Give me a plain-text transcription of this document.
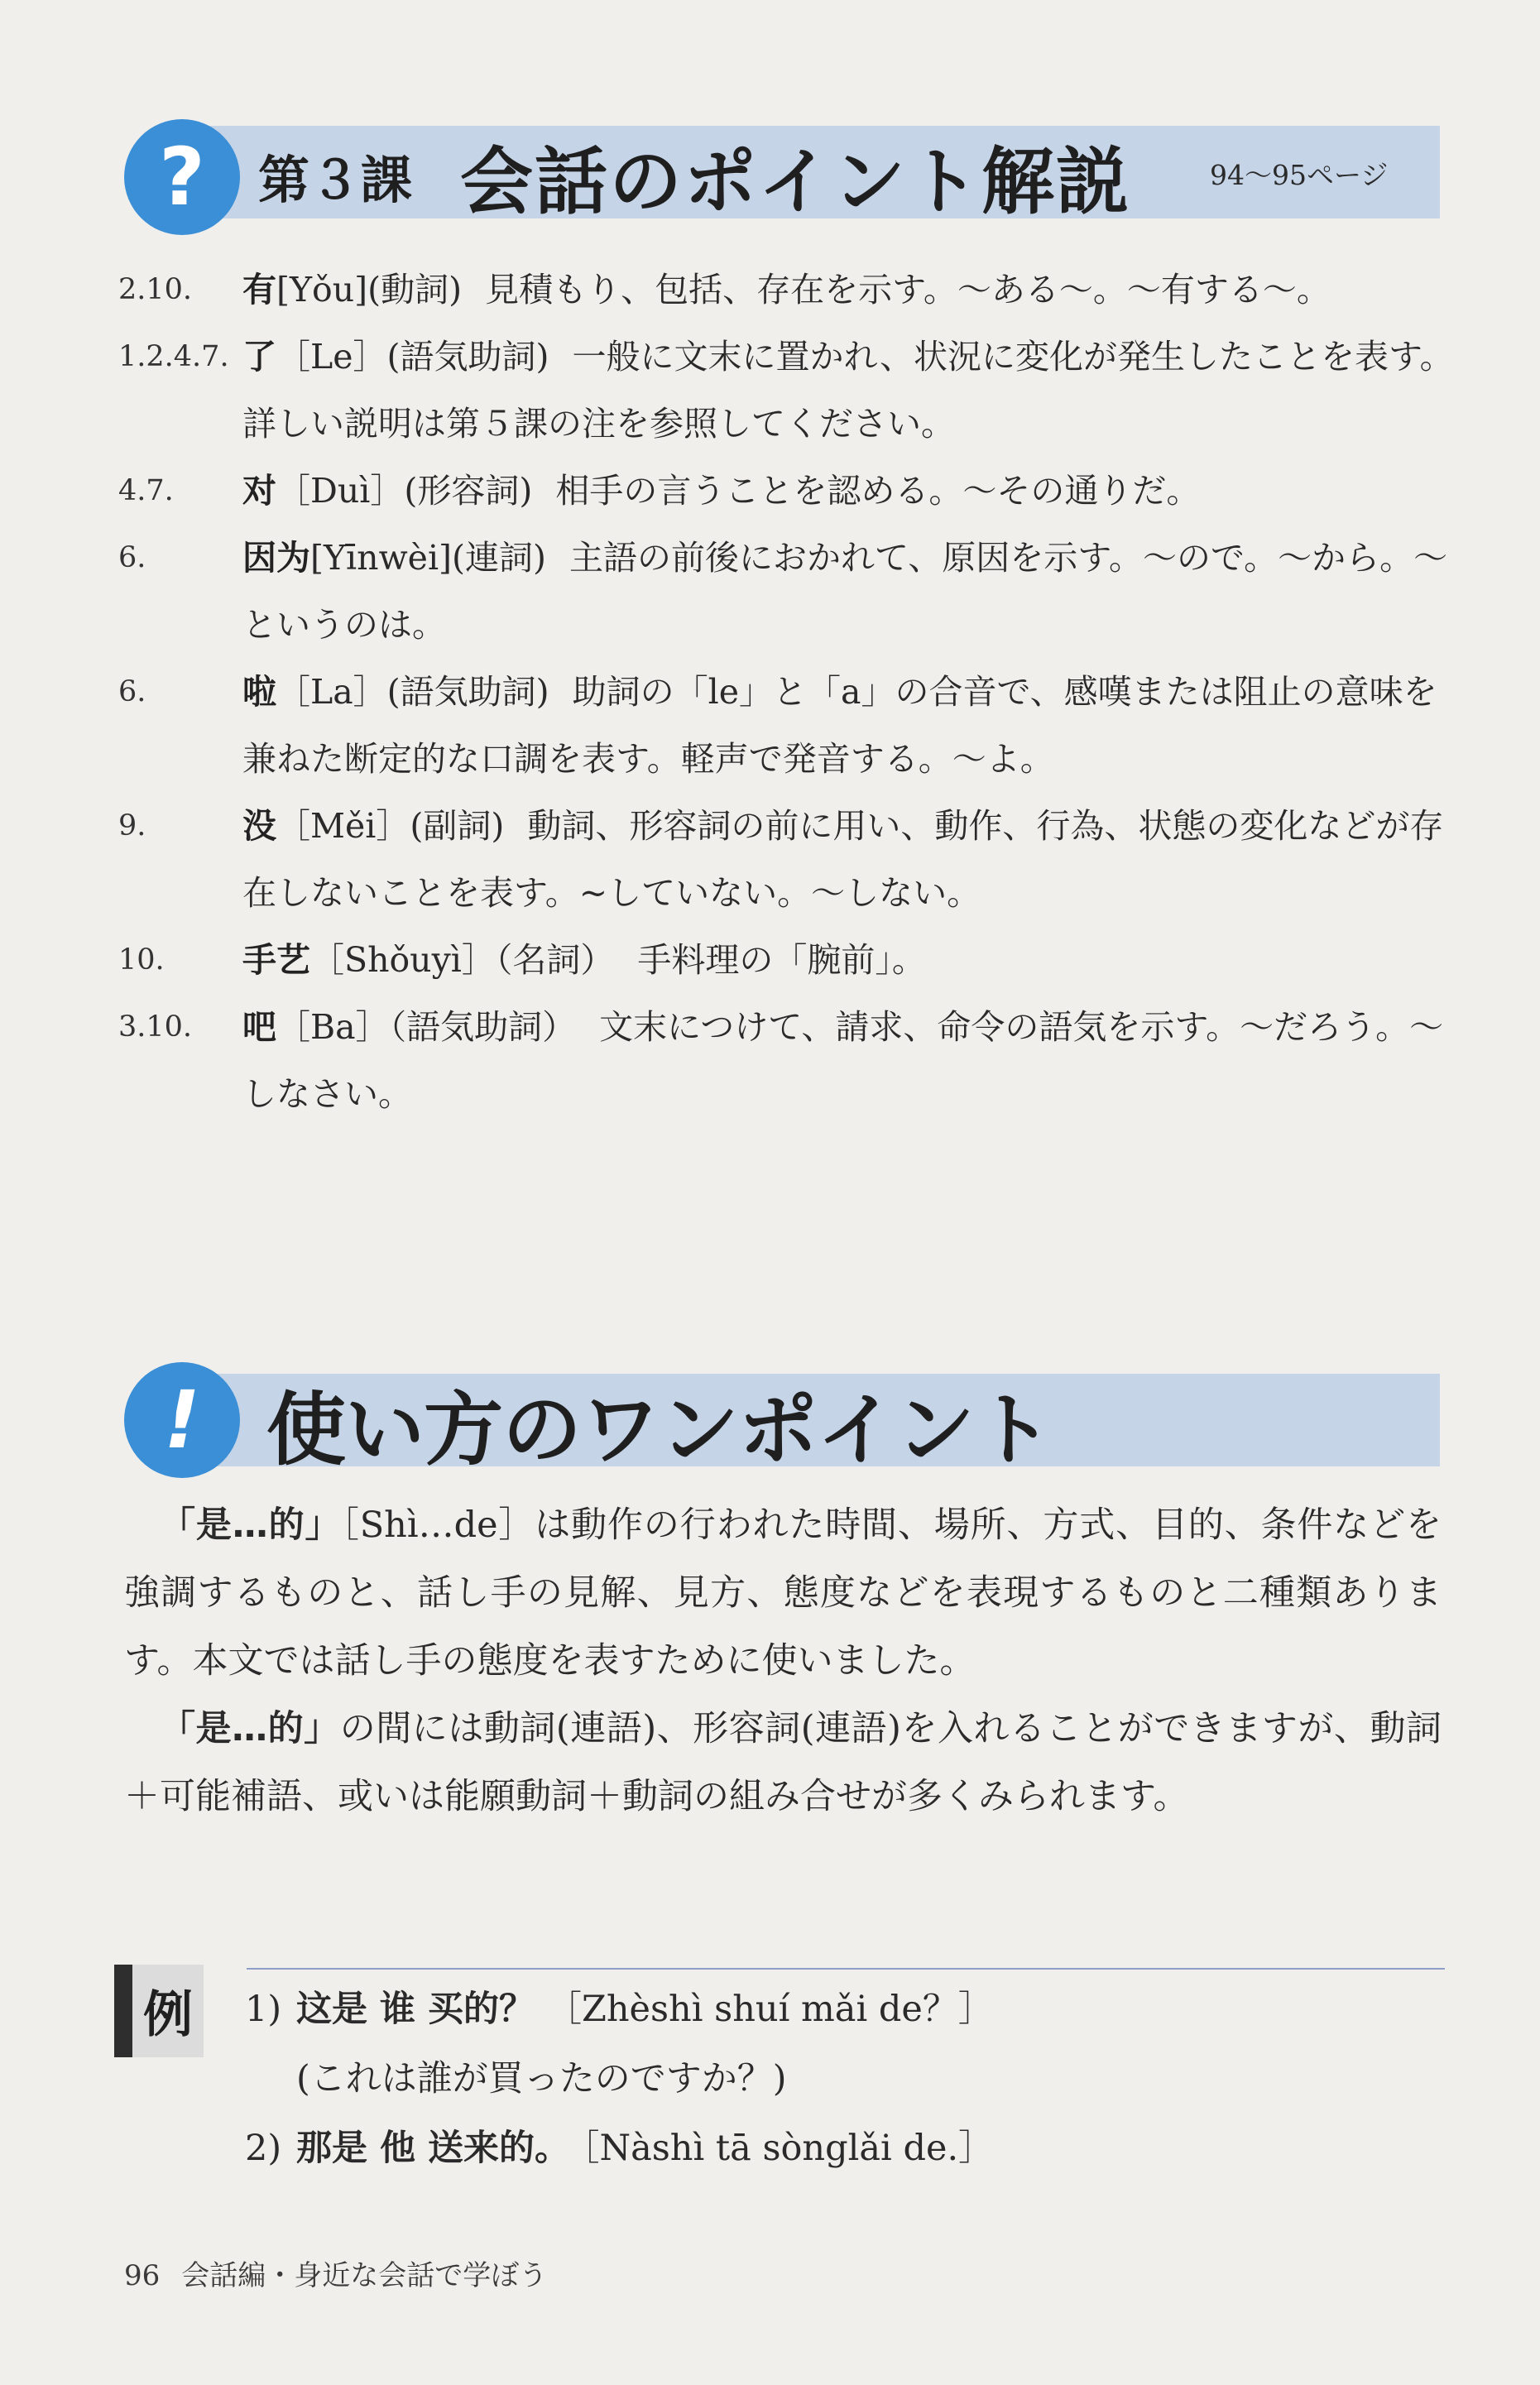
?	第３課 会話のポイント解説	94～95ページ
2.10. 有[Yǒu](動詞) 見積もり、包括、存在を示す。～ある～。～有する～。
1.2.4.7. 了［Le］(語気助詞) 一般に文末に置かれ、状況に変化が発生したことを表す。詳しい説明は第５課の注を参照してください。
4.7. 对［Duì］(形容詞) 相手の言うことを認める。～その通りだ。
6.	因为[Yīnwèi](連詞) 主語の前後におかれて、原因を示す。～ので。～から。～というのは。
6.	啦［La］(語気助詞) 助詞の「le」と「a」の合音で、感嘆または阻止の意味を兼ねた断定的な口調を表す。軽声で発音する。～よ。
9.	没［Měi］(副詞) 動詞、形容詞の前に用い、動作、行為、状態の変化などが存在しないことを表す。~していない。～しない。
10. 手艺［Shǒuyì］（名詞） 手料理の「腕前」。
3.10. 吧［Ba］（語気助詞） 文末につけて、請求、命令の語気を示す。～だろう。～しなさい。
! 使い方のワンポイント

「是…的」［Shì…de］は動作の行われた時間、場所、方式、目的、条件などを強調するものと、話し手の見解、見方、態度などを表現するものと二種類あります。本文では話し手の態度を表すために使いました。

「是…的」の間には動詞(連語)、形容詞(連語)を入れることができますが、動詞＋可能補語、或いは能願動詞＋動詞の組み合せが多くみられます。

例	1) 这是 谁 买的？ ［Zhèshì shuí mǎi de？］
(これは誰が買ったのですか？)
2) 那是 他 送来的。 ［Nàshì tā sònglǎi de.］
96 会話編・身近な会話で学ぼう
